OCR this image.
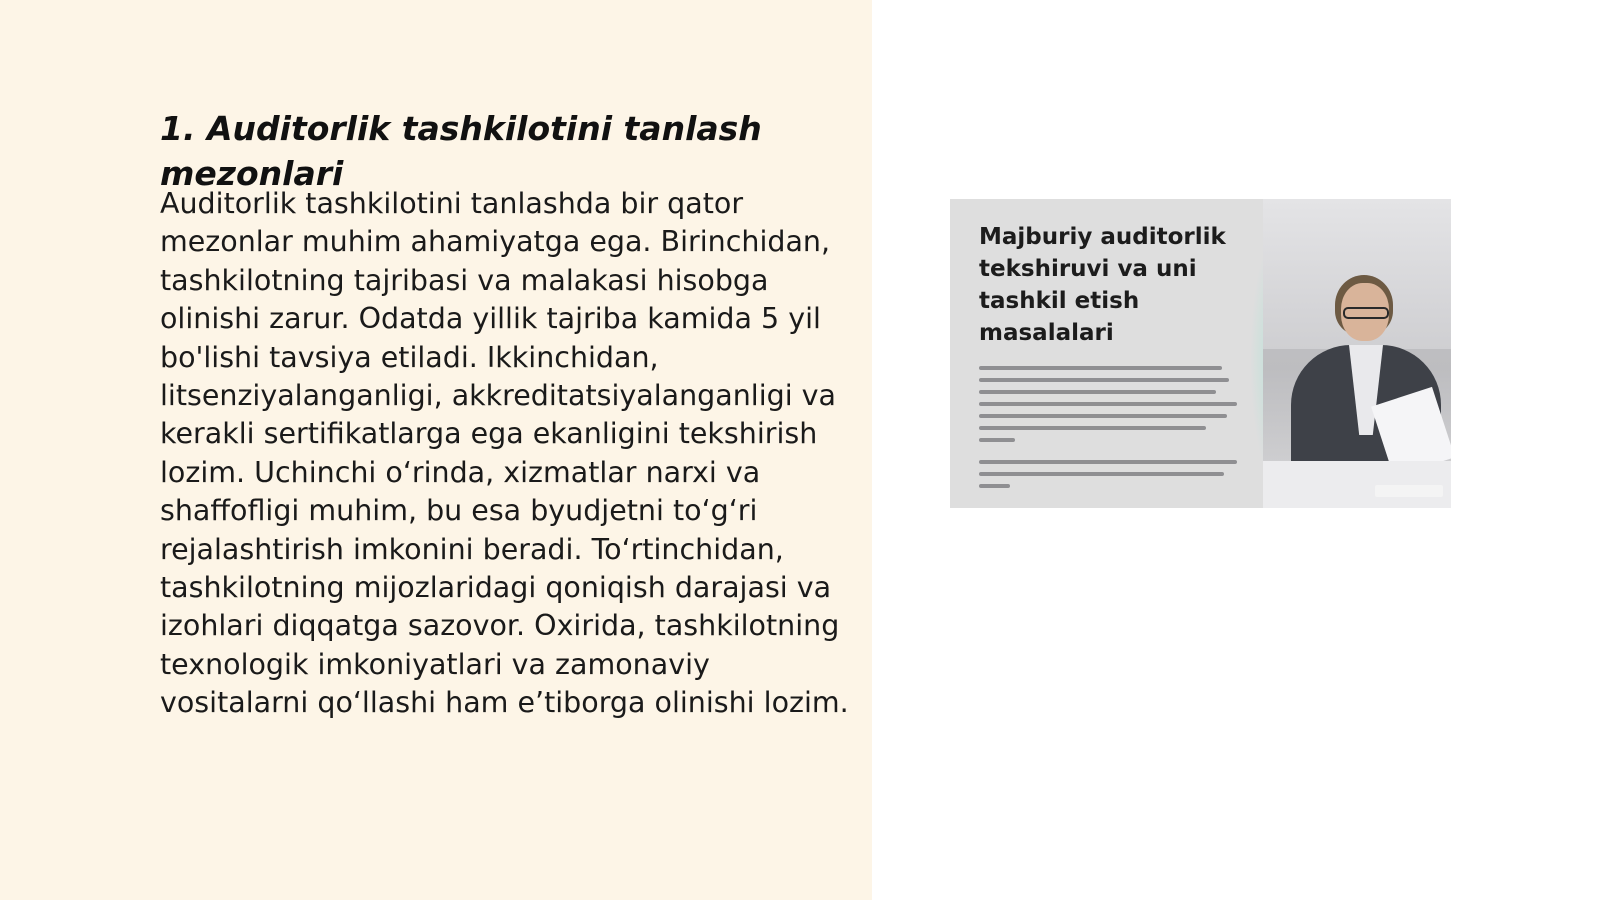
1. Auditorlik tashkilotini tanlash mezonlari

Auditorlik tashkilotini tanlashda bir qator mezonlar muhim ahamiyatga ega. Birinchidan, tashkilotning tajribasi va malakasi hisobga olinishi zarur. Odatda yillik tajriba kamida 5 yil bo'lishi tavsiya etiladi. Ikkinchidan, litsenziyalanganligi, akkreditatsiyalanganligi va kerakli sertifikatlarga ega ekanligini tekshirish lozim. Uchinchi o‘rinda, xizmatlar narxi va shaffofligi muhim, bu esa byudjetni to‘g‘ri rejalashtirish imkonini beradi. To‘rtinchidan, tashkilotning mijozlaridagi qoniqish darajasi va izohlari diqqatga sazovor. Oxirida, tashkilotning texnologik imkoniyatlari va zamonaviy vositalarni qo‘llashi ham e’tiborga olinishi lozim.

Majburiy auditorlik tekshiruvi va uni tashkil etish masalalari
